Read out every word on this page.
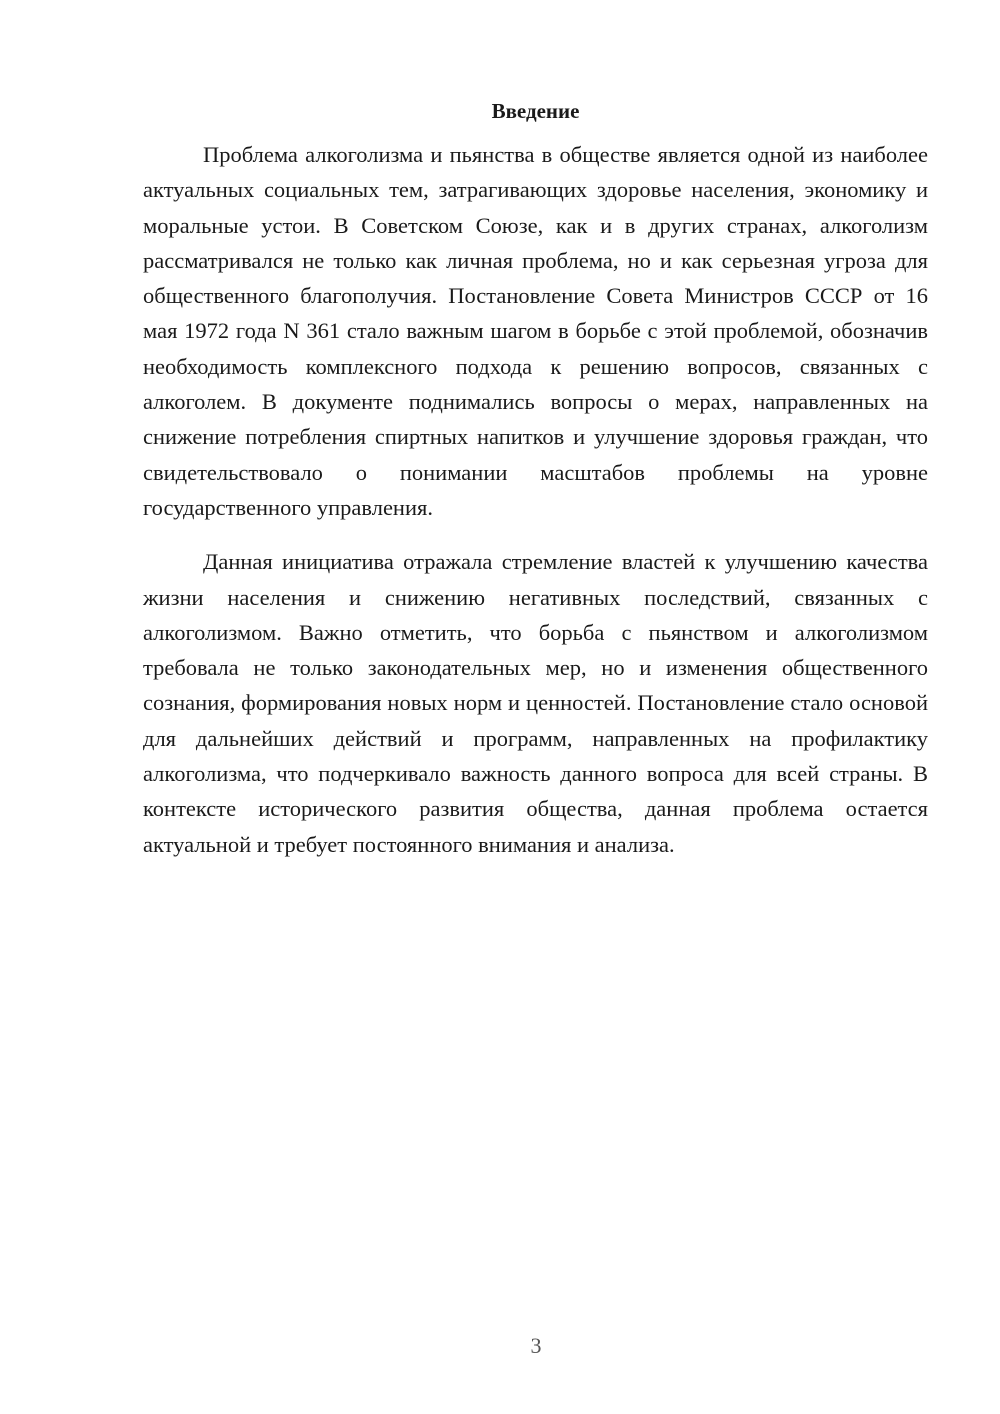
Введение

Проблема алкоголизма и пьянства в обществе является одной из наиболее актуальных социальных тем, затрагивающих здоровье населения, экономику и моральные устои. В Советском Союзе, как и в других странах, алкоголизм рассматривался не только как личная проблема, но и как серьезная угроза для общественного благополучия. Постановление Совета Министров СССР от 16 мая 1972 года N 361 стало важным шагом в борьбе с этой проблемой, обозначив необходимость комплексного подхода к решению вопросов, связанных с алкоголем. В документе поднимались вопросы о мерах, направленных на снижение потребления спиртных напитков и улучшение здоровья граждан, что свидетельствовало о понимании масштабов проблемы на уровне государственного управления.

Данная инициатива отражала стремление властей к улучшению качества жизни населения и снижению негативных последствий, связанных с алкоголизмом. Важно отметить, что борьба с пьянством и алкоголизмом требовала не только законодательных мер, но и изменения общественного сознания, формирования новых норм и ценностей. Постановление стало основой для дальнейших действий и программ, направленных на профилактику алкоголизма, что подчеркивало важность данного вопроса для всей страны. В контексте исторического развития общества, данная проблема остается актуальной и требует постоянного внимания и анализа.

3
